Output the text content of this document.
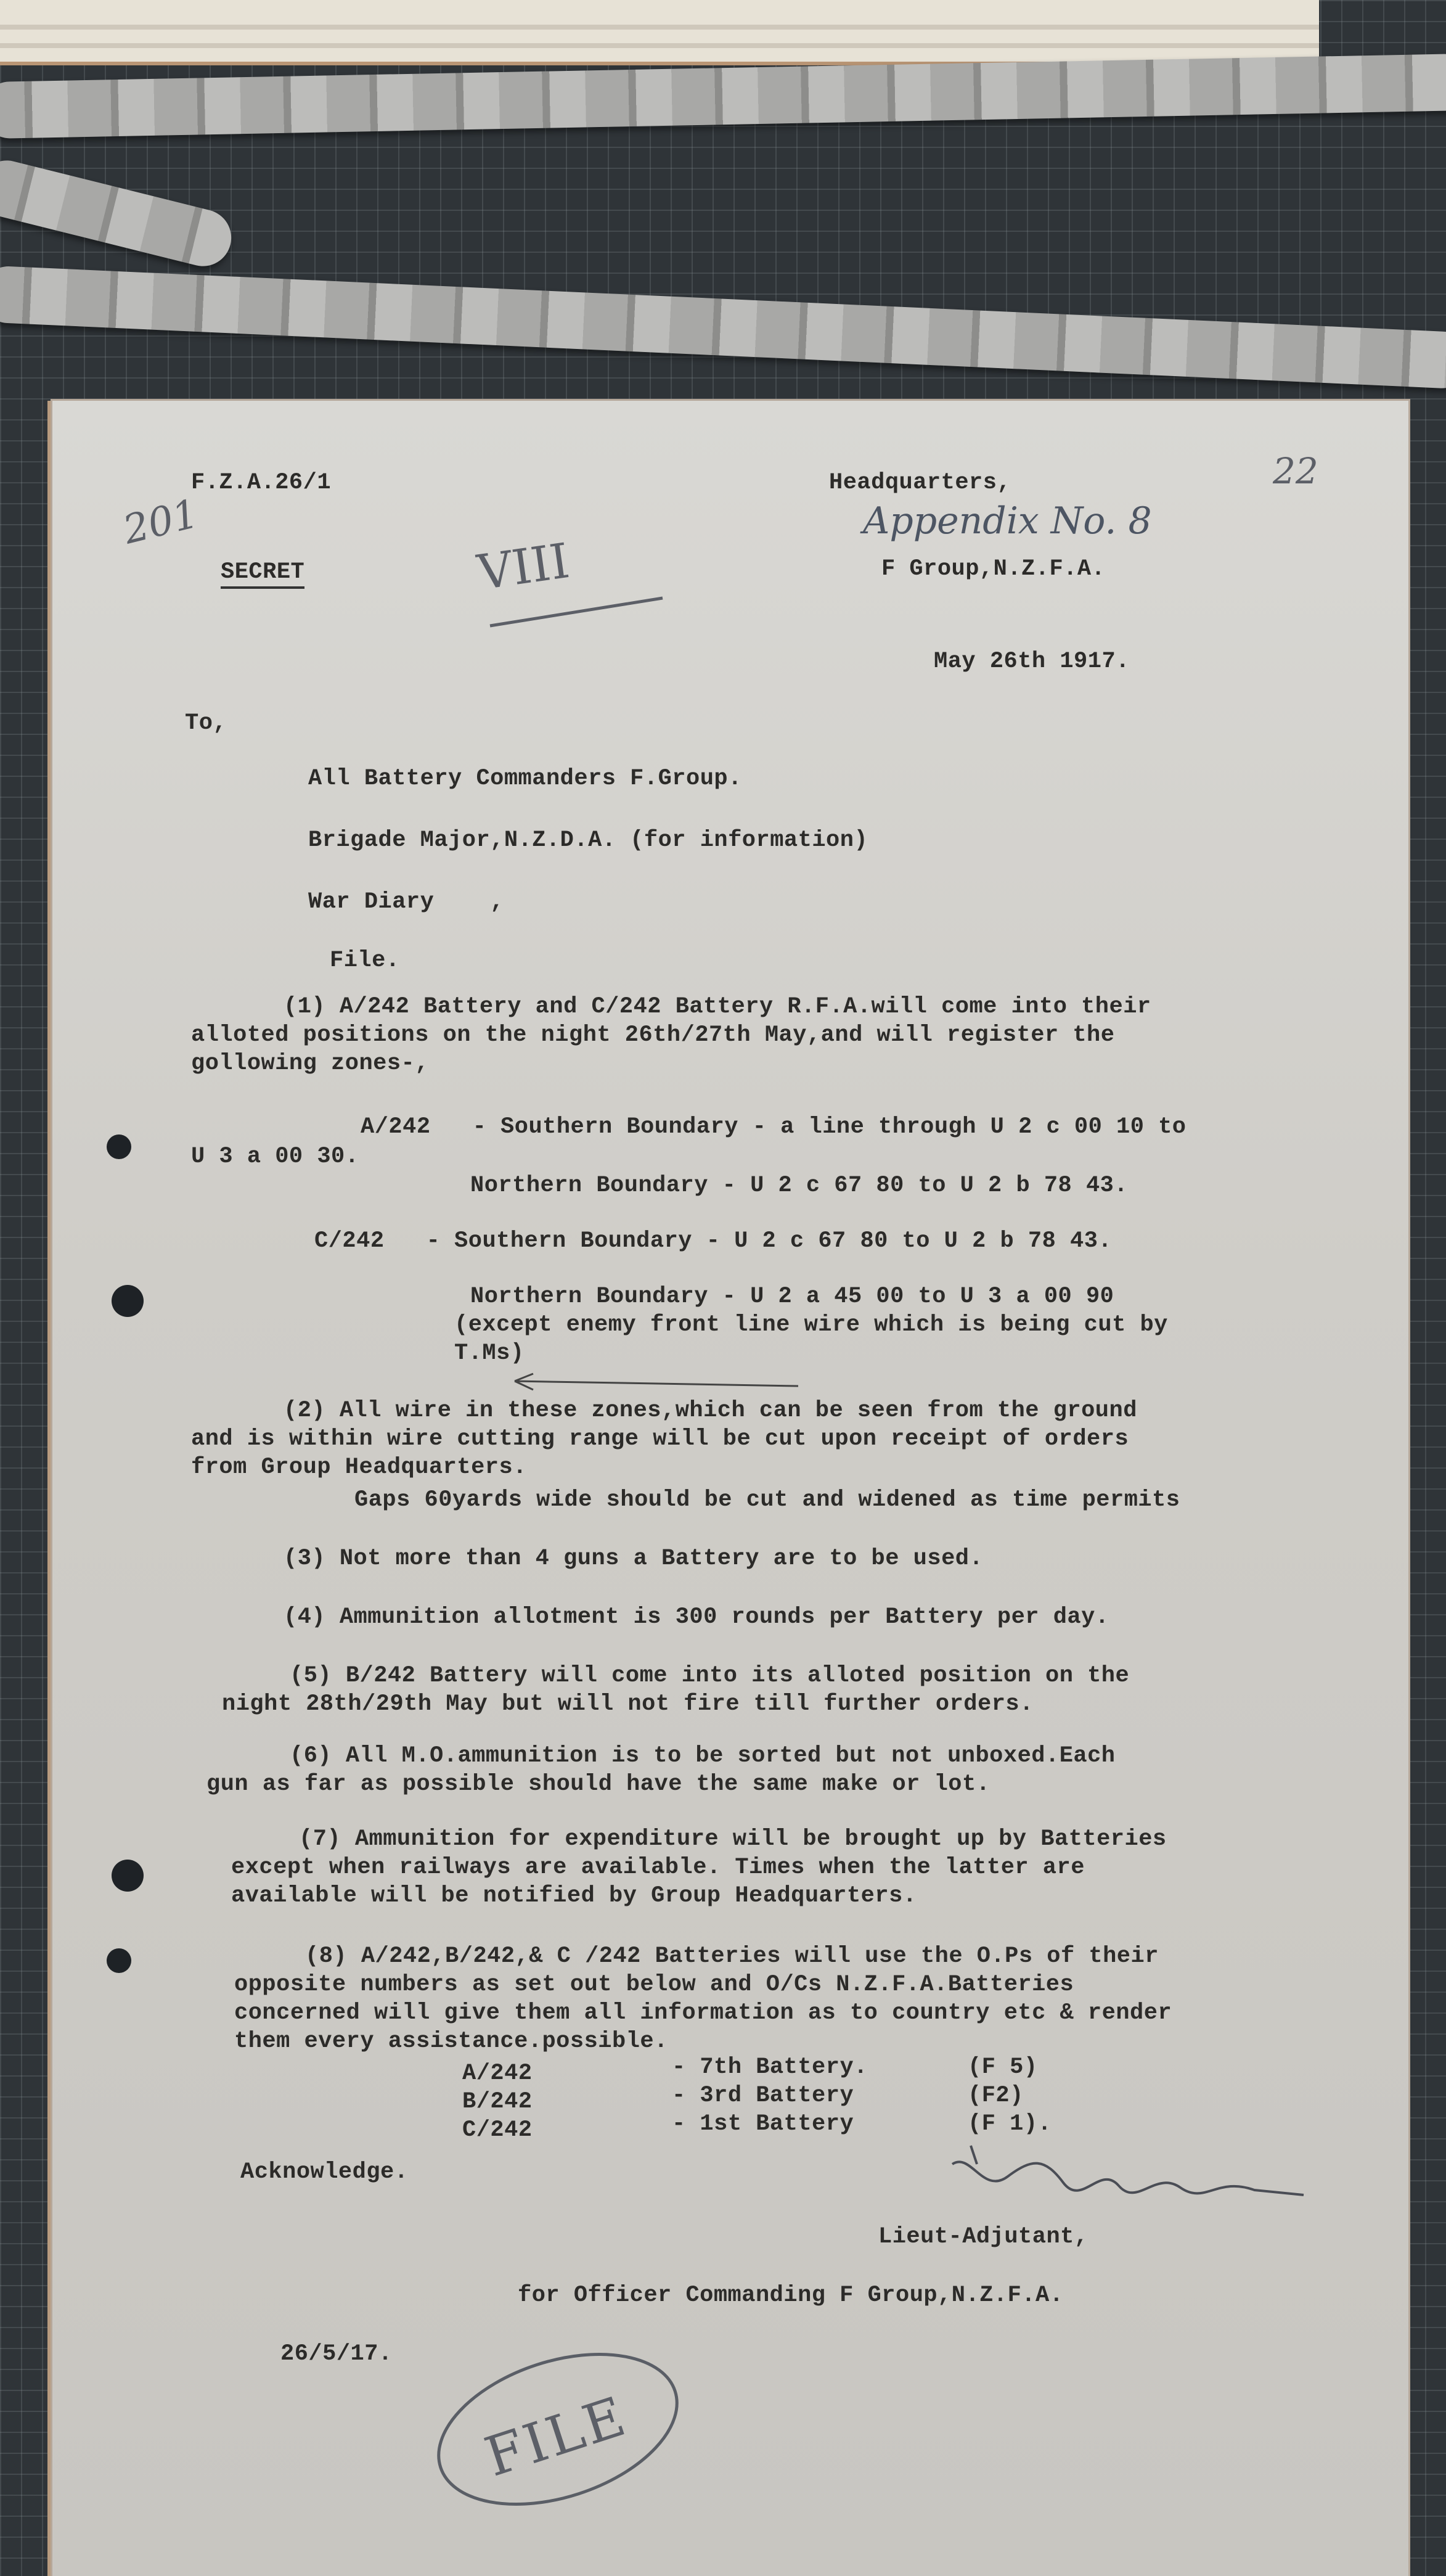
201
22
Appendix No. 8
VIII
F.Z.A.26/1
SECRET
Headquarters,
F Group,N.Z.F.A.
May 26th 1917.
To,
All Battery Commanders F.Group.
Brigade Major,N.Z.D.A. (for information)
War Diary    ,
File.
(1) A/242 Battery and C/242 Battery R.F.A.will come into their
alloted positions on the night 26th/27th May,and will register the
gollowing zones-,
A/242   - Southern Boundary - a line through U 2 c 00 10 to
U 3 a 00 30.
Northern Boundary - U 2 c 67 80 to U 2 b 78 43.
C/242   - Southern Boundary - U 2 c 67 80 to U 2 b 78 43.
Northern Boundary - U 2 a 45 00 to U 3 a 00 90
(except enemy front line wire which is being cut by
T.Ms)
(2) All wire in these zones,which can be seen from the ground
and is within wire cutting range will be cut upon receipt of orders
from Group Headquarters.
Gaps 60yards wide should be cut and widened as time permits
(3) Not more than 4 guns a Battery are to be used.
(4) Ammunition allotment is 300 rounds per Battery per day.
(5) B/242 Battery will come into its alloted position on the
night 28th/29th May but will not fire till further orders.
(6) All M.O.ammunition is to be sorted but not unboxed.Each
gun as far as possible should have the same make or lot.
(7) Ammunition for expenditure will be brought up by Batteries
except when railways are available. Times when the latter are
available will be notified by Group Headquarters.
(8) A/242,B/242,& C /242 Batteries will use the O.Ps of their
opposite numbers as set out below and O/Cs N.Z.F.A.Batteries
concerned will give them all information as to country etc & render
them every assistance.possible.
A/242	- 7th Battery.	(F 5)
B/242	- 3rd Battery	(F2)
C/242	- 1st Battery	(F 1).
Acknowledge.
Lieut-Adjutant,
for Officer Commanding F Group,N.Z.F.A.
26/5/17.
FILE
